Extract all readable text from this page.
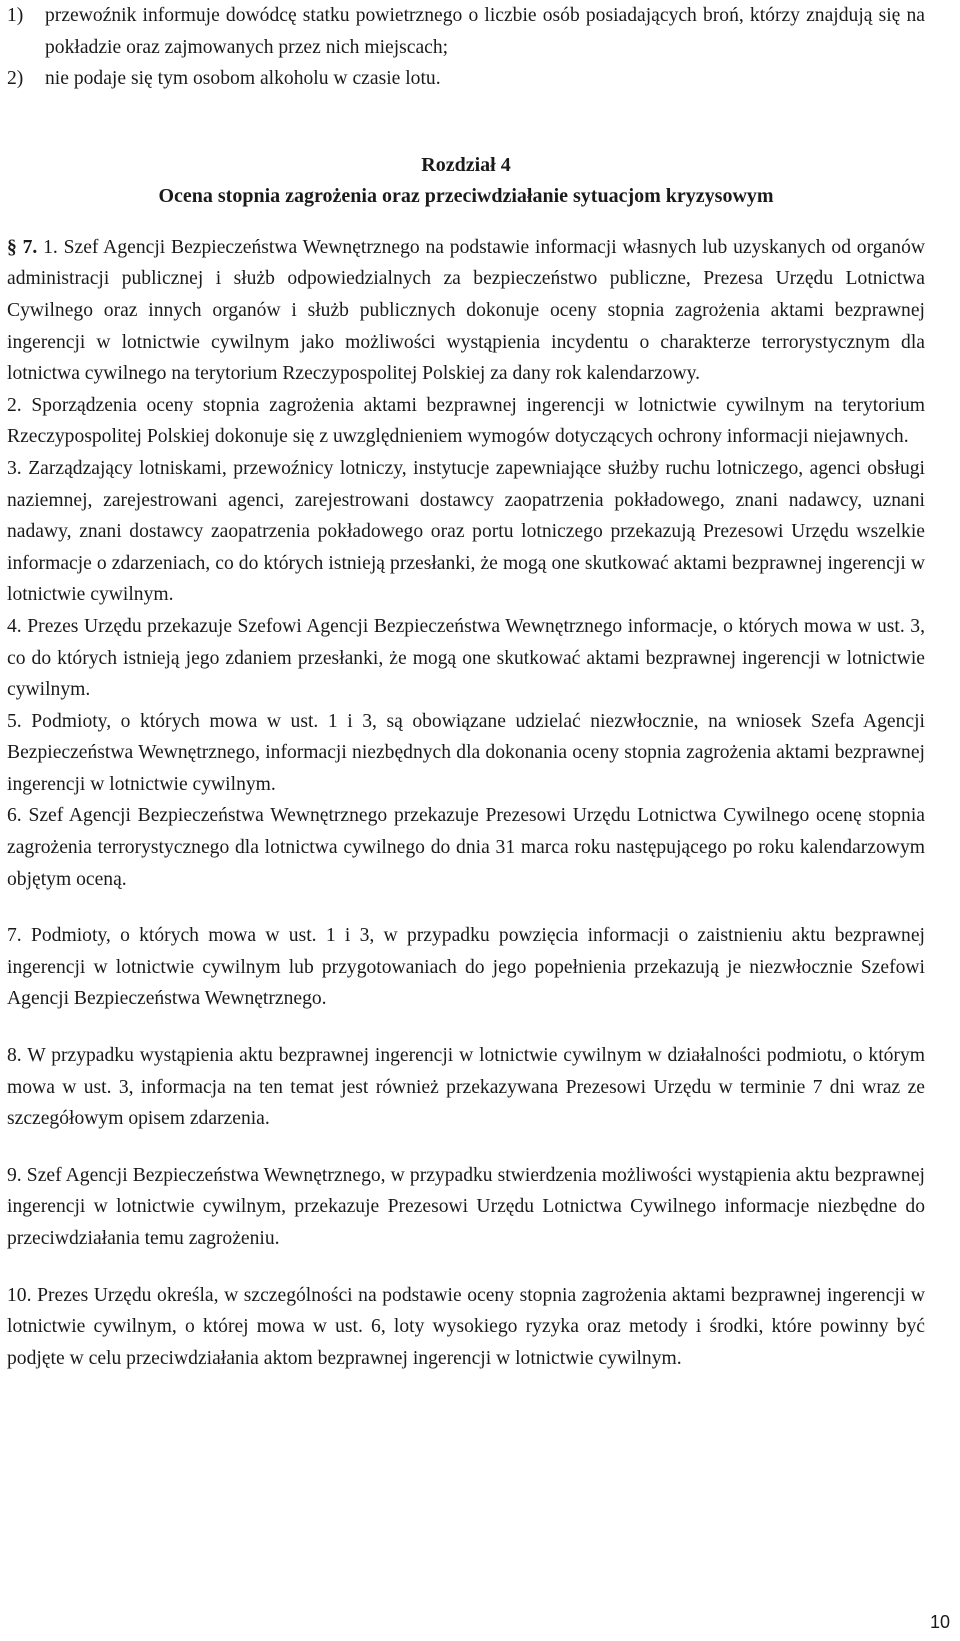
1)	przewoźnik informuje dowódcę statku powietrznego o liczbie osób posiadających broń, którzy znajdują się na pokładzie oraz zajmowanych przez nich miejscach;
2)	nie podaje się tym osobom alkoholu w czasie lotu.
Rozdział 4
Ocena stopnia zagrożenia oraz przeciwdziałanie sytuacjom kryzysowym

§ 7. 1. Szef Agencji Bezpieczeństwa Wewnętrznego na podstawie informacji własnych lub uzyskanych od organów administracji publicznej i służb odpowiedzialnych za bezpieczeństwo publiczne, Prezesa Urzędu Lotnictwa Cywilnego oraz innych organów i służb publicznych dokonuje oceny stopnia zagrożenia aktami bezprawnej ingerencji w lotnictwie cywilnym jako możliwości wystąpienia incydentu o charakterze terrorystycznym dla lotnictwa cywilnego na terytorium Rzeczypospolitej Polskiej za dany rok kalendarzowy.

2. Sporządzenia oceny stopnia zagrożenia aktami bezprawnej ingerencji w lotnictwie cywilnym na terytorium Rzeczypospolitej Polskiej dokonuje się z uwzględnieniem wymogów dotyczących ochrony informacji niejawnych.

3. Zarządzający lotniskami, przewoźnicy lotniczy, instytucje zapewniające służby ruchu lotniczego, agenci obsługi naziemnej, zarejestrowani agenci, zarejestrowani dostawcy zaopatrzenia pokładowego, znani nadawcy, uznani nadawy, znani dostawcy zaopatrzenia pokładowego oraz portu lotniczego przekazują Prezesowi Urzędu wszelkie informacje o zdarzeniach, co do których istnieją przesłanki, że mogą one skutkować aktami bezprawnej ingerencji w lotnictwie cywilnym.

4. Prezes Urzędu przekazuje Szefowi Agencji Bezpieczeństwa Wewnętrznego informacje, o których mowa w ust. 3, co do których istnieją jego zdaniem przesłanki, że mogą one skutkować aktami bezprawnej ingerencji w lotnictwie cywilnym.

5. Podmioty, o których mowa w ust. 1 i 3, są obowiązane udzielać niezwłocznie, na wniosek Szefa Agencji Bezpieczeństwa Wewnętrznego, informacji niezbędnych dla dokonania oceny stopnia zagrożenia aktami bezprawnej ingerencji w lotnictwie cywilnym.

6. Szef Agencji Bezpieczeństwa Wewnętrznego przekazuje Prezesowi Urzędu Lotnictwa Cywilnego ocenę stopnia zagrożenia terrorystycznego dla lotnictwa cywilnego do dnia 31 marca roku następującego po roku kalendarzowym objętym oceną.

7. Podmioty, o których mowa w ust. 1 i 3, w przypadku powzięcia informacji o zaistnieniu aktu bezprawnej ingerencji w lotnictwie cywilnym lub przygotowaniach do jego popełnienia przekazują je niezwłocznie Szefowi Agencji Bezpieczeństwa Wewnętrznego.

8. W przypadku wystąpienia aktu bezprawnej ingerencji w lotnictwie cywilnym w działalności podmiotu, o którym mowa w ust. 3, informacja na ten temat jest również przekazywana Prezesowi Urzędu w terminie 7 dni wraz ze szczegółowym opisem zdarzenia.

9. Szef Agencji Bezpieczeństwa Wewnętrznego, w przypadku stwierdzenia możliwości wystąpienia aktu bezprawnej ingerencji w lotnictwie cywilnym, przekazuje Prezesowi Urzędu Lotnictwa Cywilnego informacje niezbędne do przeciwdziałania temu zagrożeniu.

10. Prezes Urzędu określa, w szczególności na podstawie oceny stopnia zagrożenia aktami bezprawnej ingerencji w lotnictwie cywilnym, o której mowa w ust. 6, loty wysokiego ryzyka oraz metody i środki, które powinny być podjęte w celu przeciwdziałania aktom bezprawnej ingerencji w lotnictwie cywilnym.

10
